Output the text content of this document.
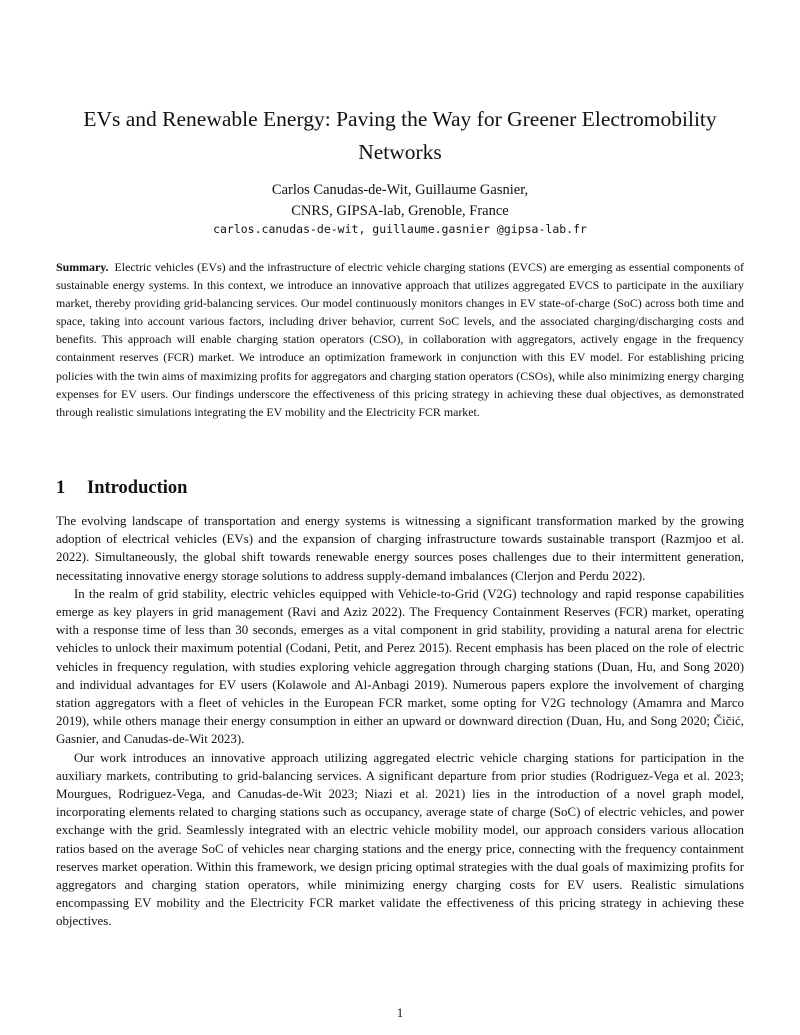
EVs and Renewable Energy: Paving the Way for Greener Electromobility Networks
Carlos Canudas-de-Wit, Guillaume Gasnier,
CNRS, GIPSA-lab, Grenoble, France
carlos.canudas-de-wit, guillaume.gasnier @gipsa-lab.fr

Summary. Electric vehicles (EVs) and the infrastructure of electric vehicle charging stations (EVCS) are emerging as essential components of sustainable energy systems. In this context, we introduce an innovative approach that utilizes aggregated EVCS to participate in the auxiliary market, thereby providing grid-balancing services. Our model continuously monitors changes in EV state-of-charge (SoC) across both time and space, taking into account various factors, including driver behavior, current SoC levels, and the associated charging/discharging costs and benefits. This approach will enable charging station operators (CSO), in collaboration with aggregators, actively engage in the frequency containment reserves (FCR) market. We introduce an optimization framework in conjunction with this EV model. For establishing pricing policies with the twin aims of maximizing profits for aggregators and charging station operators (CSOs), while also minimizing energy charging expenses for EV users. Our findings underscore the effectiveness of this pricing strategy in achieving these dual objectives, as demonstrated through realistic simulations integrating the EV mobility and the Electricity FCR market.

1 Introduction

The evolving landscape of transportation and energy systems is witnessing a significant transformation marked by the growing adoption of electrical vehicles (EVs) and the expansion of charging infrastructure towards sustainable transport (Razmjoo et al. 2022). Simultaneously, the global shift towards renewable energy sources poses challenges due to their intermittent generation, necessitating innovative energy storage solutions to address supply-demand imbalances (Clerjon and Perdu 2022).

In the realm of grid stability, electric vehicles equipped with Vehicle-to-Grid (V2G) technology and rapid response capabilities emerge as key players in grid management (Ravi and Aziz 2022). The Frequency Containment Reserves (FCR) market, operating with a response time of less than 30 seconds, emerges as a vital component in grid stability, providing a natural arena for electric vehicles to unlock their maximum potential (Codani, Petit, and Perez 2015). Recent emphasis has been placed on the role of electric vehicles in frequency regulation, with studies exploring vehicle aggregation through charging stations (Duan, Hu, and Song 2020) and individual advantages for EV users (Kolawole and Al-Anbagi 2019). Numerous papers explore the involvement of charging station aggregators with a fleet of vehicles in the European FCR market, some opting for V2G technology (Amamra and Marco 2019), while others manage their energy consumption in either an upward or downward direction (Duan, Hu, and Song 2020; Čičić, Gasnier, and Canudas-de-Wit 2023).

Our work introduces an innovative approach utilizing aggregated electric vehicle charging stations for participation in the auxiliary markets, contributing to grid-balancing services. A significant departure from prior studies (Rodriguez-Vega et al. 2023; Mourgues, Rodriguez-Vega, and Canudas-de-Wit 2023; Niazi et al. 2021) lies in the introduction of a novel graph model, incorporating elements related to charging stations such as occupancy, average state of charge (SoC) of electric vehicles, and power exchange with the grid. Seamlessly integrated with an electric vehicle mobility model, our approach considers various allocation ratios based on the average SoC of vehicles near charging stations and the energy price, connecting with the frequency containment reserves market operation. Within this framework, we design pricing optimal strategies with the dual goals of maximizing profits for aggregators and charging station operators, while minimizing energy charging costs for EV users. Realistic simulations encompassing EV mobility and the Electricity FCR market validate the effectiveness of this pricing strategy in achieving these objectives.

1
